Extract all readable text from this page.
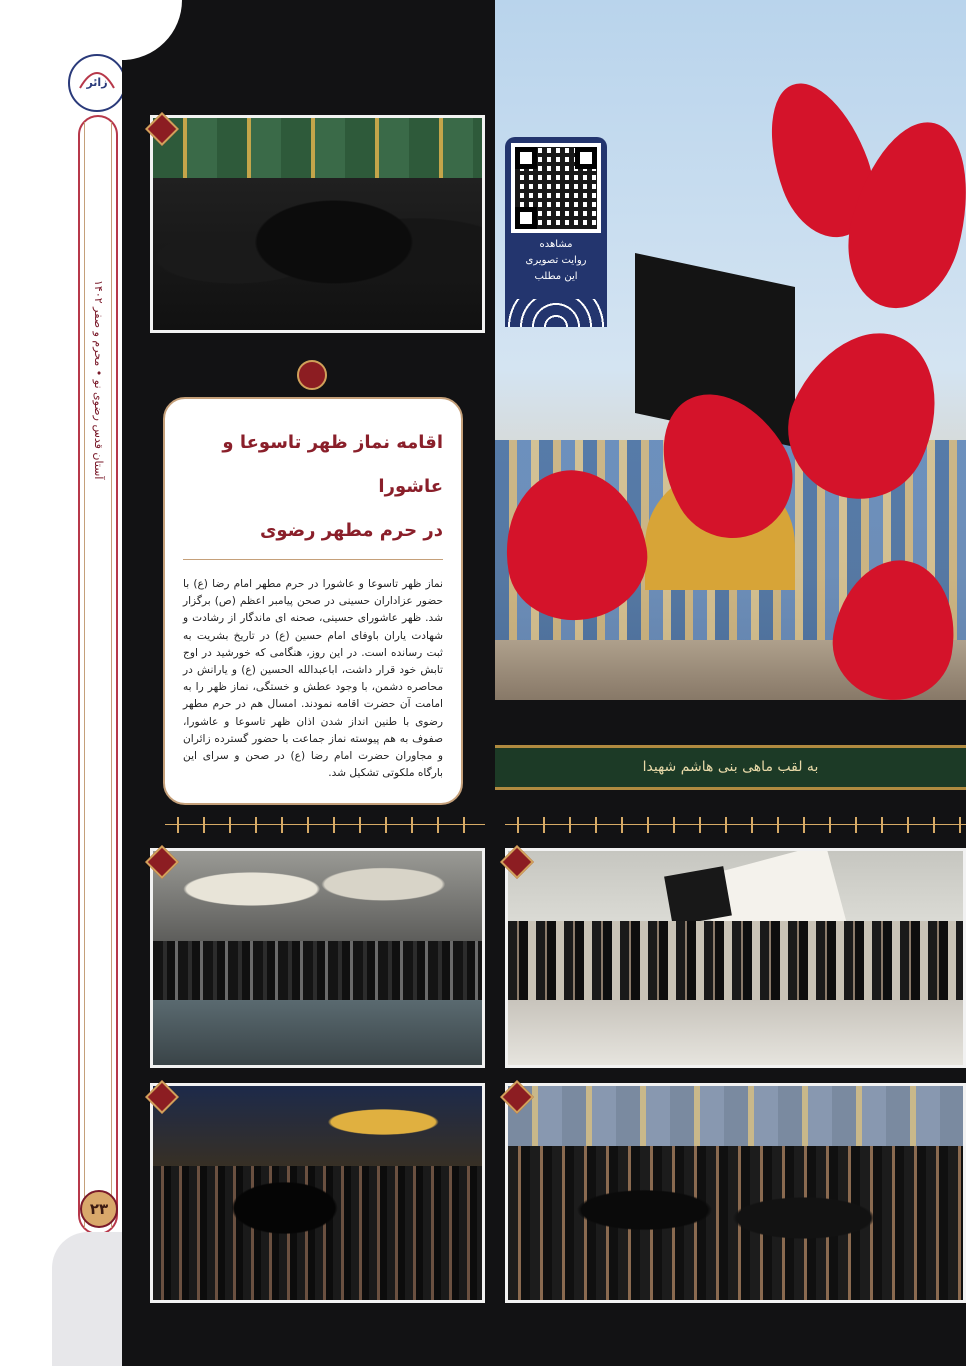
آستان قدس رضوی نو • محرم و صفر ۱۴۰۲
زائر
۲۳
به لقب ماهی بنی هاشم شهیدا
مشاهده
روایت تصویری
این مطلب
اقامه نماز ظهر تاسوعا و عاشورا
در حرم مطهر رضوی
نماز ظهر تاسوعا و عاشورا در حرم مطهر امام رضا (ع) با حضور عزاداران حسینی در صحن پیامبر اعظم (ص) برگزار شد. ظهر عاشورای حسینی، صحنه ای ماندگار از رشادت و شهادت یاران باوفای امام حسین (ع) در تاریخ بشریت به ثبت رسانده است. در این روز، هنگامی که خورشید در اوج تابش خود قرار داشت، اباعبدالله الحسین (ع) و یارانش در محاصره دشمن، با وجود عطش و خستگی، نماز ظهر را به امامت آن حضرت اقامه نمودند. امسال هم در حرم مطهر رضوی با طنین انداز شدن اذان ظهر تاسوعا و عاشورا، صفوف به هم پیوسته نماز جماعت با حضور گسترده زائران و مجاوران حضرت امام رضا (ع) در صحن و سرای این بارگاه ملکوتی تشکیل شد.
